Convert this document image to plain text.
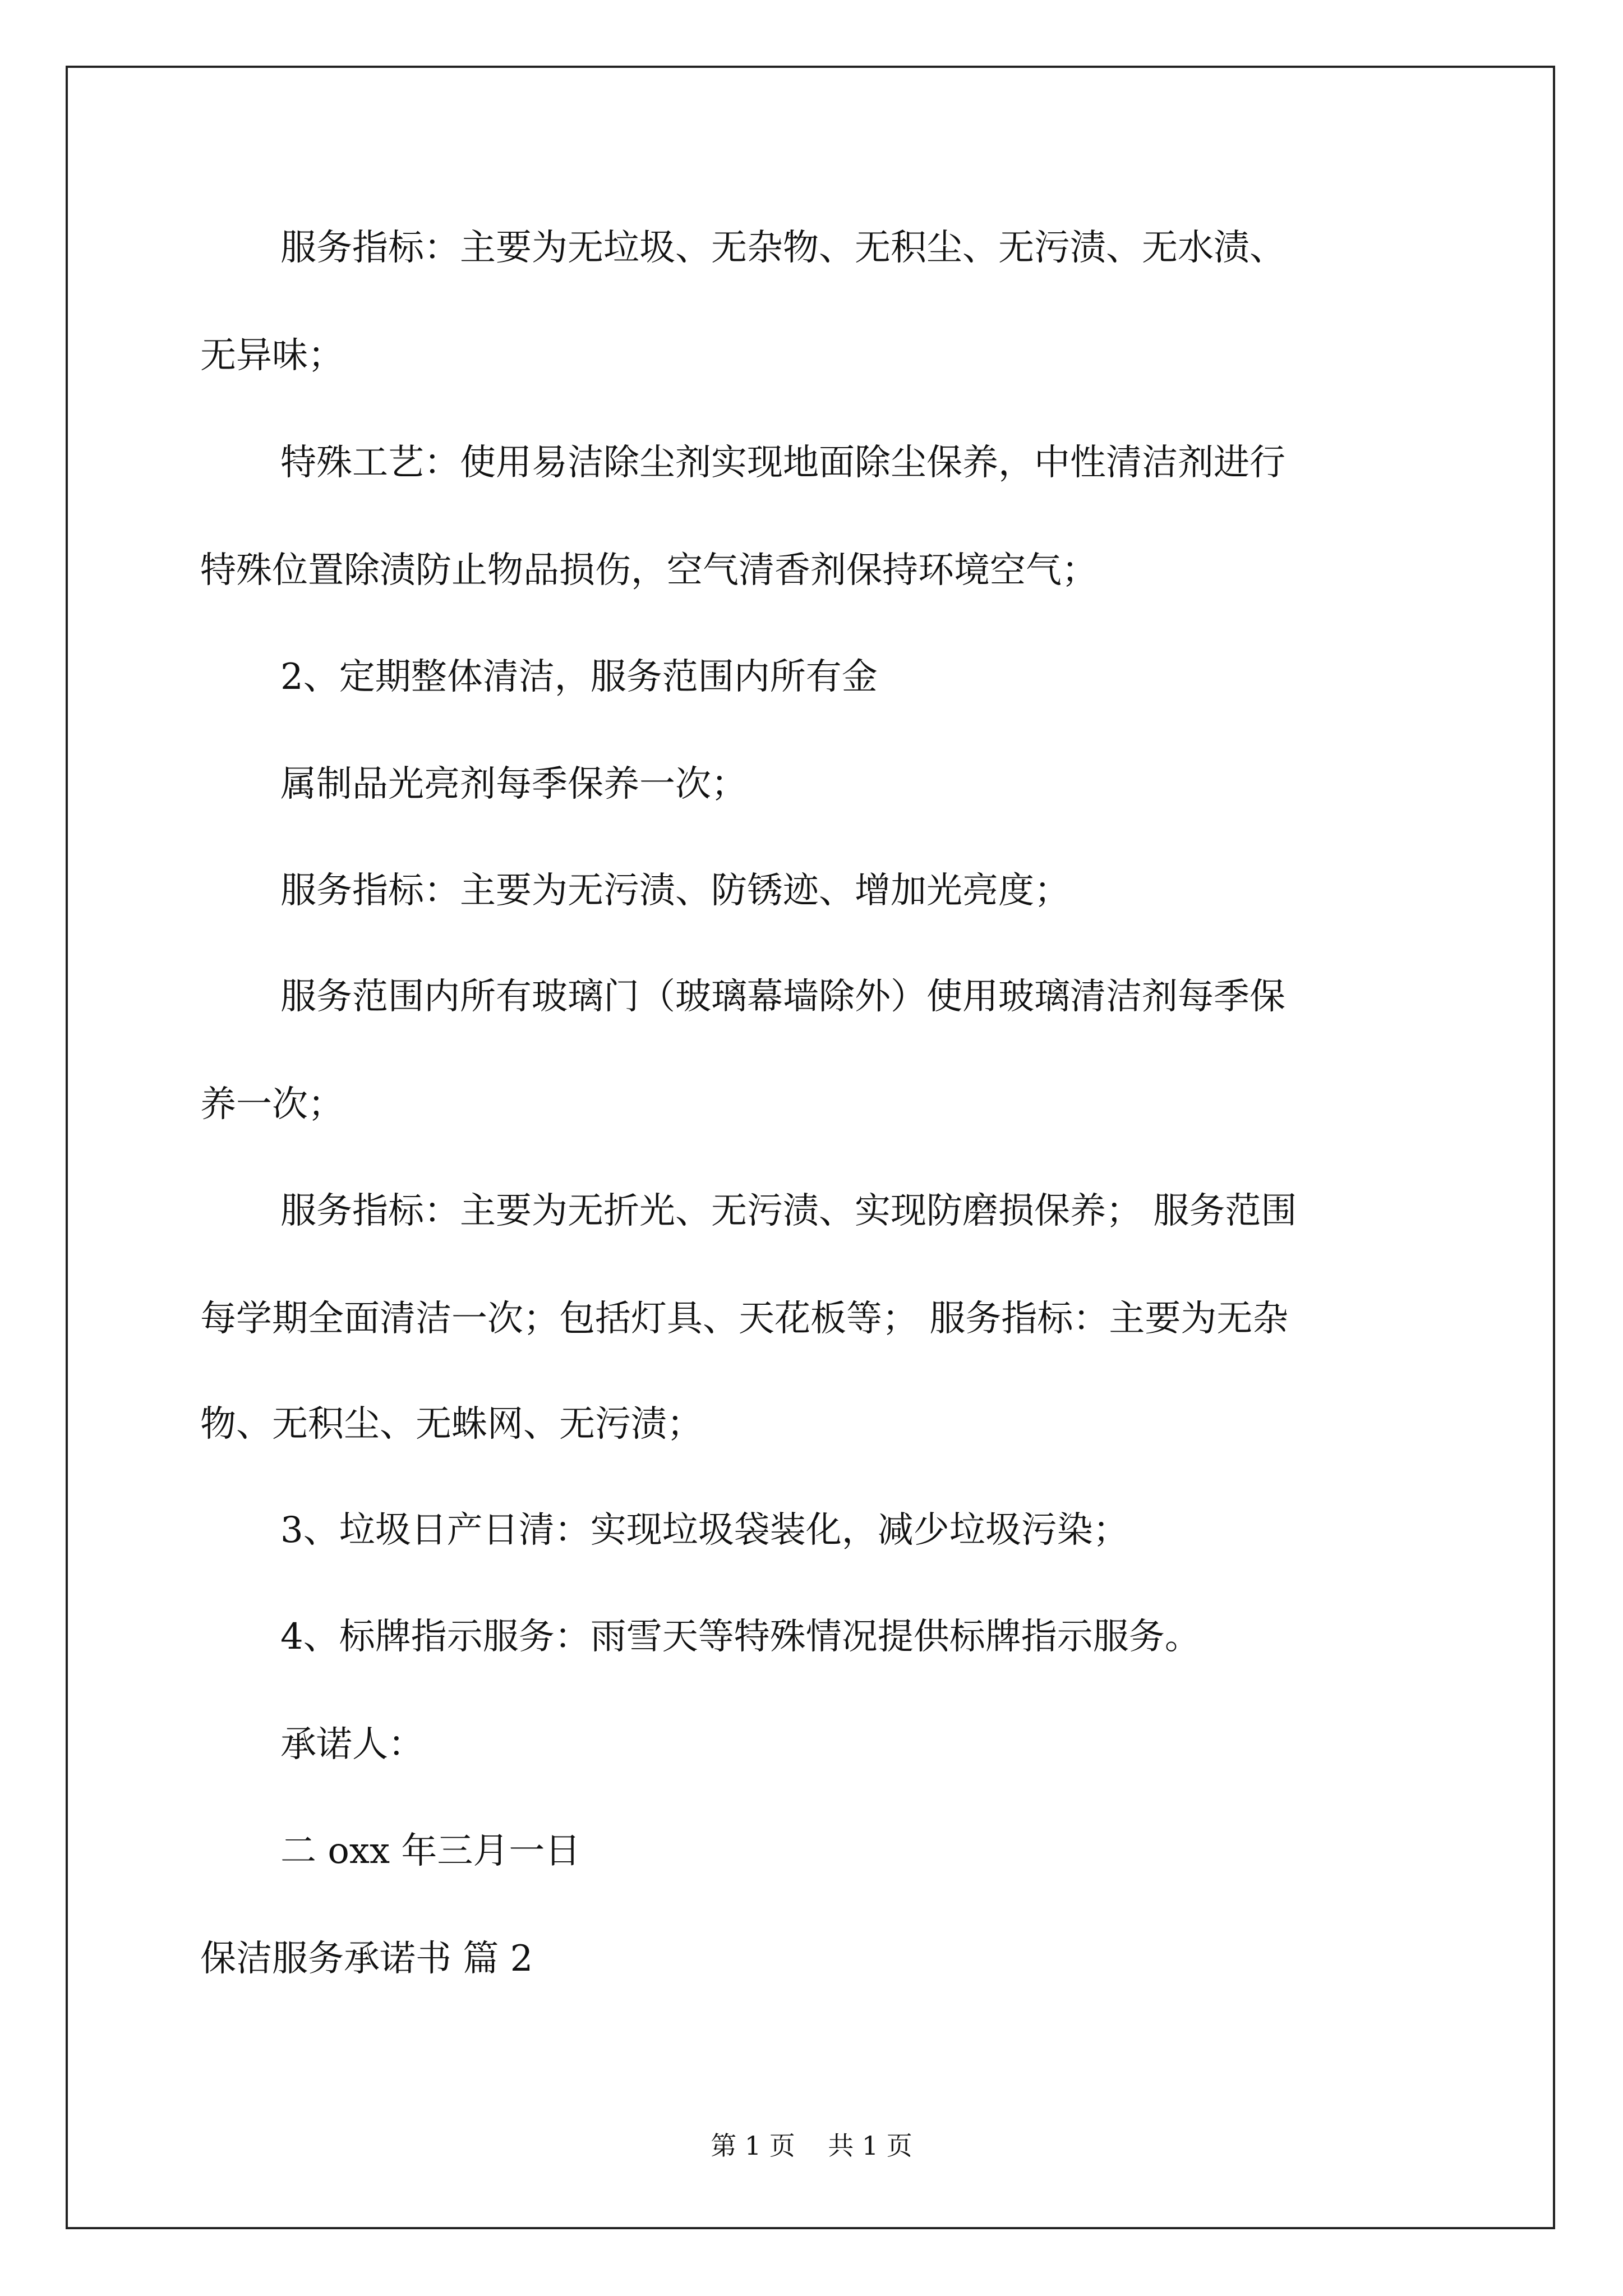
服务指标：主要为无垃圾、无杂物、无积尘、无污渍、无水渍、
无异味；
特殊工艺：使用易洁除尘剂实现地面除尘保养，中性清洁剂进行
特殊位置除渍防止物品损伤，空气清香剂保持环境空气；
2、定期整体清洁，服务范围内所有金
属制品光亮剂每季保养一次；
服务指标：主要为无污渍、防锈迹、增加光亮度；
服务范围内所有玻璃门（玻璃幕墙除外）使用玻璃清洁剂每季保
养一次；
服务指标：主要为无折光、无污渍、实现防磨损保养； 服务范围
每学期全面清洁一次；包括灯具、天花板等； 服务指标：主要为无杂
物、无积尘、无蛛网、无污渍；
3、垃圾日产日清：实现垃圾袋装化，减少垃圾污染；
4、标牌指示服务：雨雪天等特殊情况提供标牌指示服务。
承诺人：
二 oxx 年三月一日
保洁服务承诺书 篇 2
第 1 页    共 1 页
